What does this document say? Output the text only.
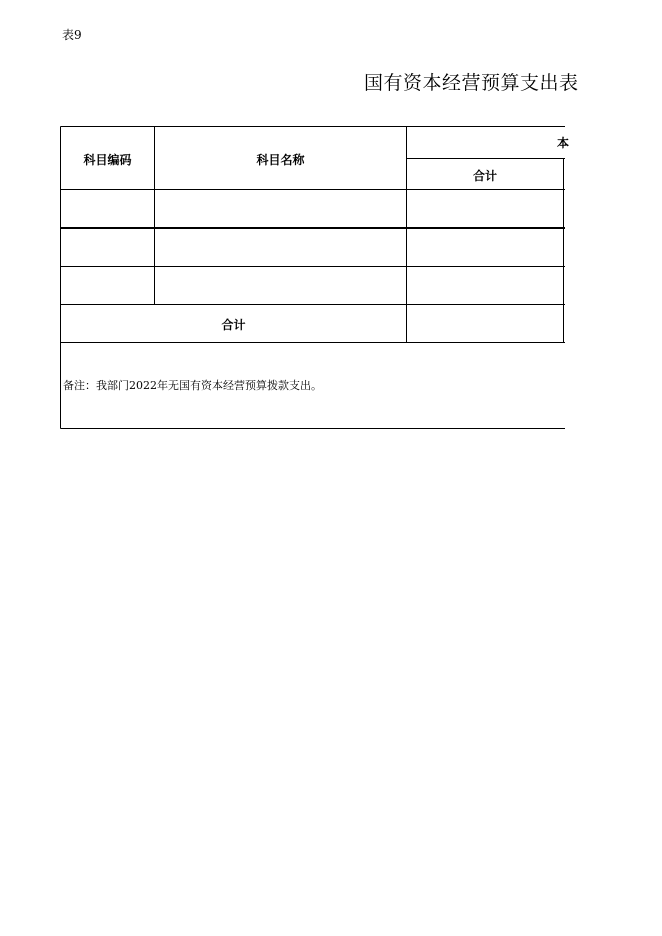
表9
国有资本经营预算支出表
科目编码	科目名称
本
合计
合计
备注：我部门2022年无国有资本经营预算拨款支出。
